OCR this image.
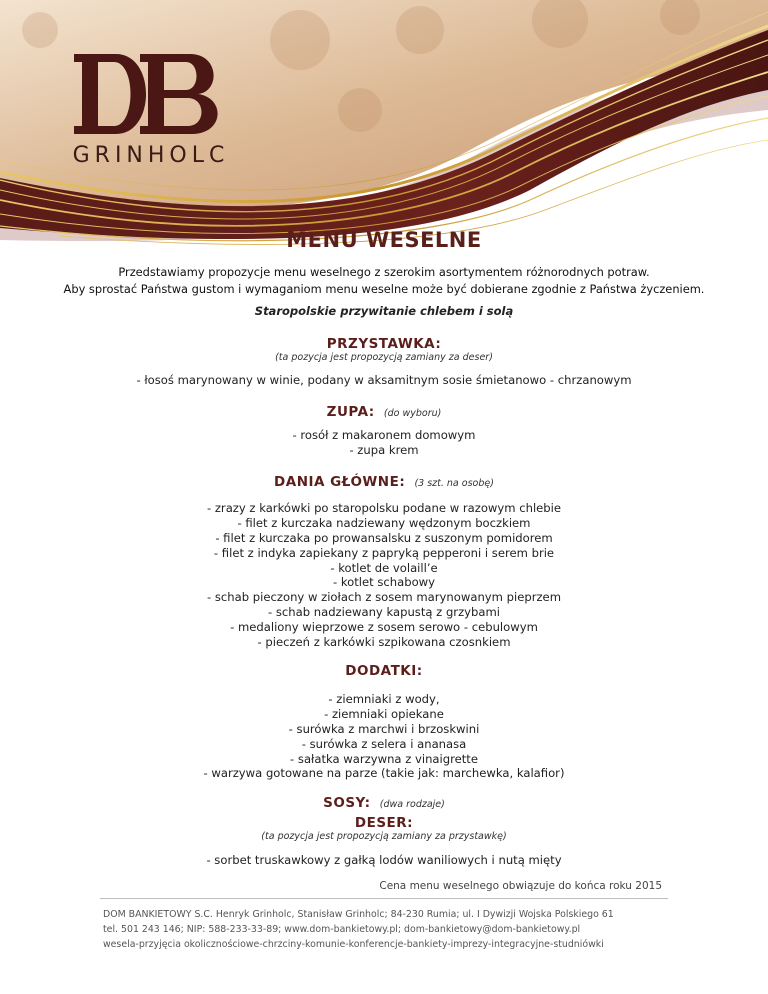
GRINHOLC
MENU WESELNE
Przedstawiamy propozycje menu weselnego z szerokim asortymentem różnorodnych potraw.
Aby sprostać Państwa gustom i wymaganiom menu weselne może być dobierane zgodnie z Państwa życzeniem.
Staropolskie przywitanie chlebem i solą
PRZYSTAWKA:
(ta pozycja jest propozycją zamiany za deser)
- łosoś marynowany w winie, podany w aksamitnym sosie śmietanowo - chrzanowym
ZUPA: (do wyboru)
- rosół z makaronem domowym
- zupa krem
DANIA GŁÓWNE: (3 szt. na osobę)
- zrazy z karkówki po staropolsku podane w razowym chlebie
- filet z kurczaka nadziewany wędzonym boczkiem
- filet z kurczaka po prowansalsku z suszonym pomidorem
- filet z indyka zapiekany z papryką pepperoni i serem brie
- kotlet de volaill’e
- kotlet schabowy
- schab pieczony w ziołach z sosem marynowanym pieprzem
- schab nadziewany kapustą z grzybami
- medaliony wieprzowe z sosem serowo - cebulowym
- pieczeń z karkówki szpikowana czosnkiem
DODATKI:
- ziemniaki z wody,
- ziemniaki opiekane
- surówka z marchwi i brzoskwini
- surówka z selera i ananasa
- sałatka warzywna z vinaigrette
- warzywa gotowane na parze (takie jak: marchewka, kalafior)
SOSY: (dwa rodzaje)
DESER:
(ta pozycja jest propozycją zamiany za przystawkę)
- sorbet truskawkowy z gałką lodów waniliowych i nutą mięty
Cena menu weselnego obwiązuje do końca roku 2015
DOM BANKIETOWY S.C. Henryk Grinholc, Stanisław Grinholc; 84-230 Rumia; ul. I Dywizji Wojska Polskiego 61
tel. 501 243 146; NIP: 588-233-33-89; www.dom-bankietowy.pl; dom-bankietowy@dom-bankietowy.pl
wesela-przyjęcia okolicznościowe-chrzciny-komunie-konferencje-bankiety-imprezy-integracyjne-studniówki
